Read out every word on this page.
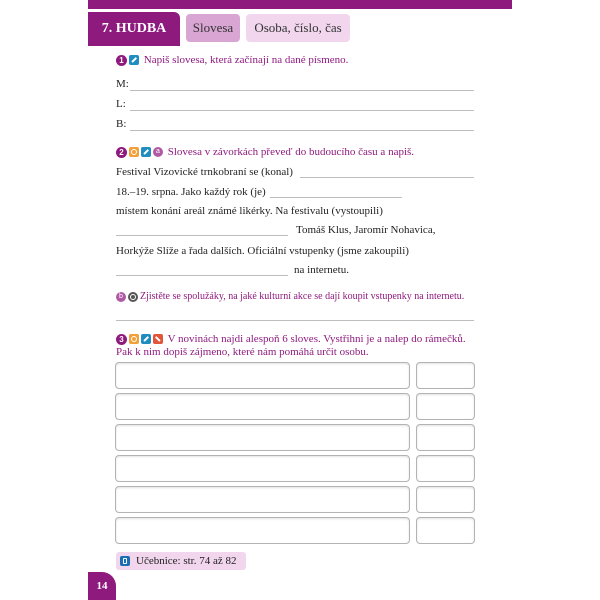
7. HUDBA	Slovesa	Osoba, číslo, čas
1 Napiš slovesa, která začínají na dané písmeno.
M:
L:
B:
2	a Slovesa v závorkách převeď do budoucího času a napiš.
Festival Vizovické trnkobraní se (konal)
18.–19. srpna. Jako každý rok (je)
místem konání areál známé likérky. Na festivalu (vystoupili)
Tomáš Klus, Jaromír Nohavica,
Horkýže Slíže a řada dalších. Oficiální vstupenky (jsme zakoupili)
na internetu.
b Zjistěte se spolužáky, na jaké kulturní akce se dají koupit vstupenky na internetu.
3	V novinách najdi alespoň 6 sloves. Vystřihni je a nalep do rámečků.
Pak k nim dopiš zájmeno, které nám pomáhá určit osobu.
Učebnice: str. 74 až 82
14
